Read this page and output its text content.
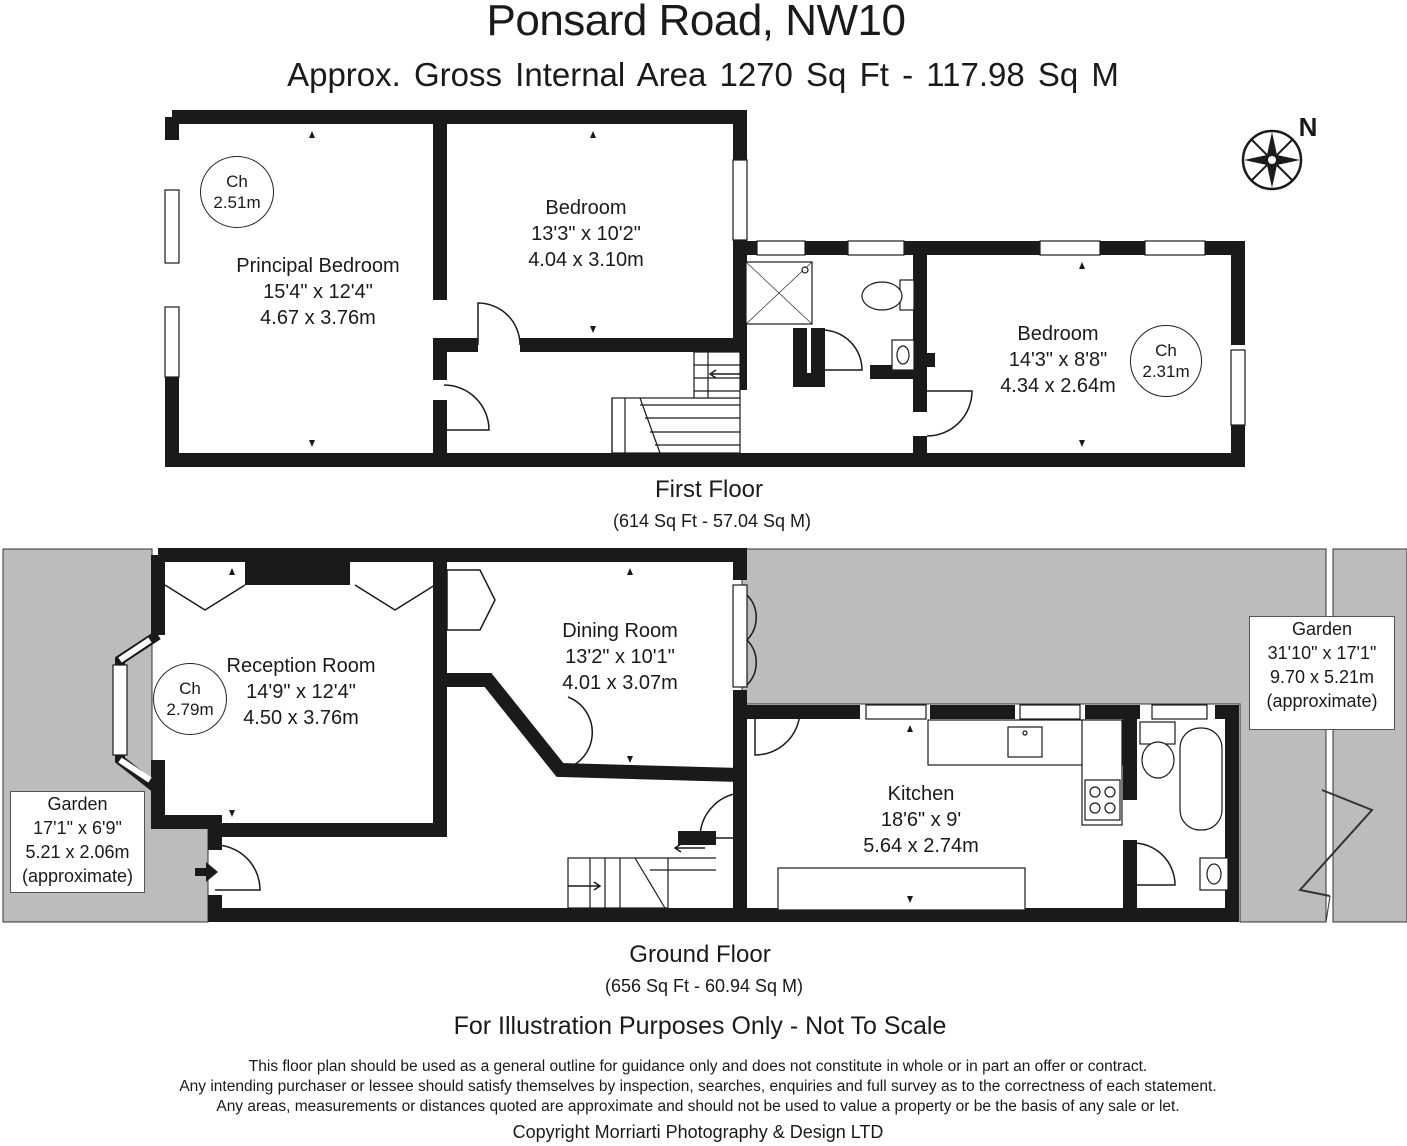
Ponsard Road, NW10
Approx. Gross Internal Area 1270 Sq Ft - 117.98 Sq M
N
Principal Bedroom
15'4" x 12'4"
4.67 x 3.76m
Bedroom
13'3" x 10'2"
4.04 x 3.10m
Bedroom
14'3" x 8'8"
4.34 x 2.64m
Ch
2.51m
Ch
2.31m
Ch
2.79m
First Floor
(614 Sq Ft - 57.04 Sq M)
Reception Room
14'9" x 12'4"
4.50 x 3.76m
Dining Room
13'2" x 10'1"
4.01 x 3.07m
Kitchen
18'6" x 9'
5.64 x 2.74m
Garden
17'1" x 6'9"
5.21 x 2.06m
(approximate)
Garden
31'10" x 17'1"
9.70 x 5.21m
(approximate)
Ground Floor
(656 Sq Ft - 60.94 Sq M)
For Illustration Purposes Only - Not To Scale
This floor plan should be used as a general outline for guidance only and does not constitute in whole or in part an offer or contract.
Any intending purchaser or lessee should satisfy themselves by inspection, searches, enquiries and full survey as to the correctness of each statement.
Any areas, measurements or distances quoted are approximate and should not be used to value a property or be the basis of any sale or let.
Copyright Morriarti Photography & Design LTD
